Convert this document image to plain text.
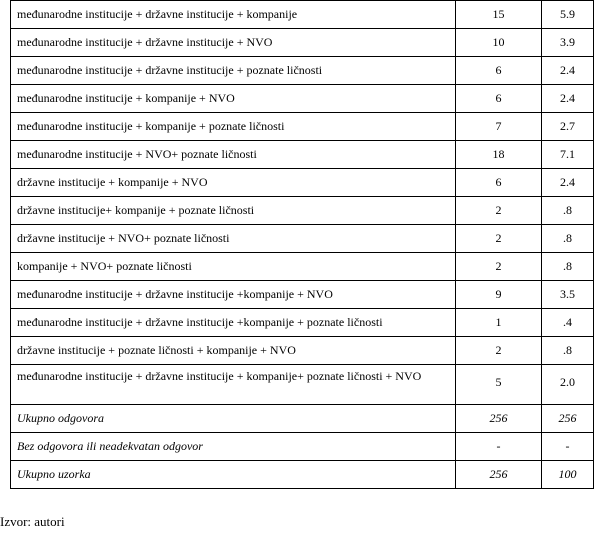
međunarodne institucije + državne institucije + kompanije	15	5.9
međunarodne institucije + državne institucije + NVO	10	3.9
međunarodne institucije + državne institucije + poznate ličnosti	6	2.4
međunarodne institucije + kompanije + NVO	6	2.4
međunarodne institucije + kompanije + poznate ličnosti	7	2.7
međunarodne institucije + NVO+ poznate ličnosti	18	7.1
državne institucije + kompanije + NVO	6	2.4
državne institucije+ kompanije + poznate ličnosti	2	.8
državne institucije + NVO+ poznate ličnosti	2	.8
kompanije + NVO+ poznate ličnosti	2	.8
međunarodne institucije + državne institucije +kompanije + NVO	9	3.5
međunarodne institucije + državne institucije +kompanije + poznate ličnosti	1	.4
državne institucije + poznate ličnosti + kompanije + NVO	2	.8
međunarodne institucije + državne institucije + kompanije+ poznate ličnosti + NVO	5	2.0
Ukupno odgovora	256	256
Bez odgovora ili neadekvatan odgovor	-	-
Ukupno uzorka	256	100
Izvor: autori
